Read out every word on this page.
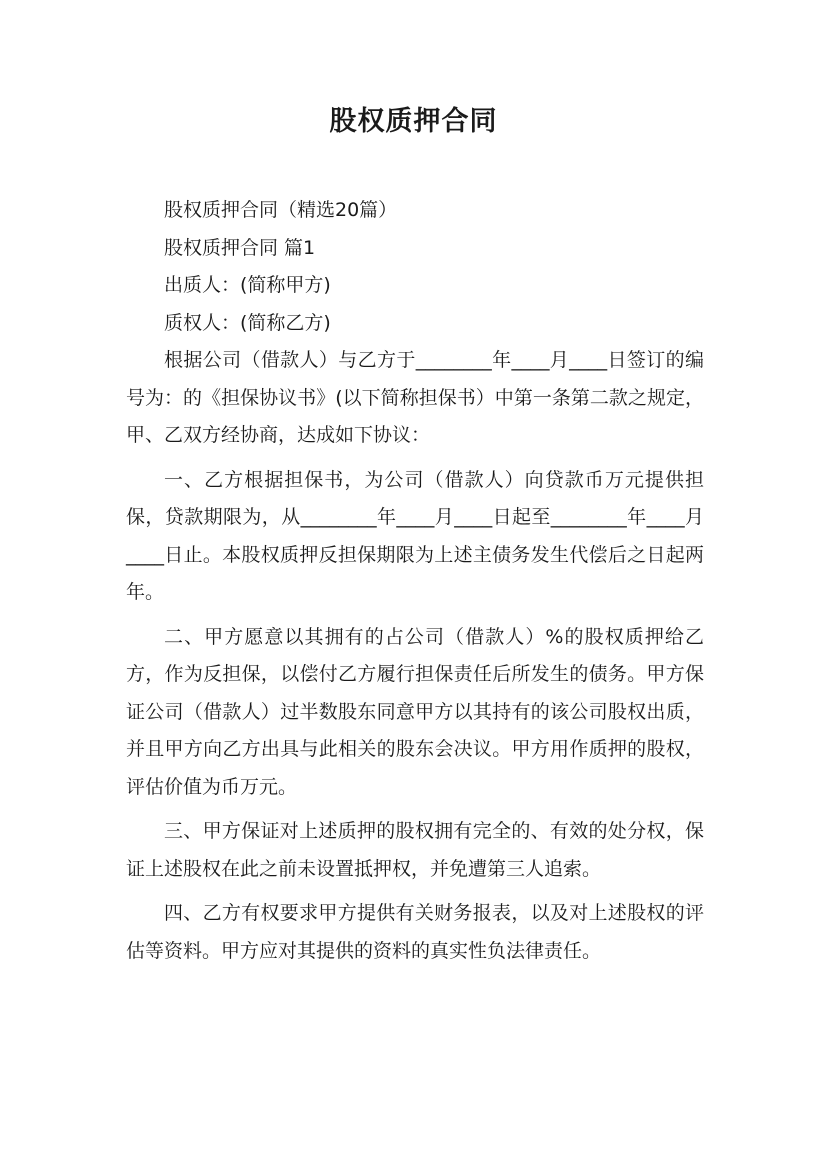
股权质押合同

股权质押合同（精选20篇）

股权质押合同 篇1

出质人：(简称甲方)

质权人：(简称乙方)

根据公司（借款人）与乙方于________年____月____日签订的编号为：的《担保协议书》(以下简称担保书）中第一条第二款之规定，甲、乙双方经协商，达成如下协议：

一、乙方根据担保书，为公司（借款人）向贷款币万元提供担保，贷款期限为，从________年____月____日起至________年____月____日止。本股权质押反担保期限为上述主债务发生代偿后之日起两年。

二、甲方愿意以其拥有的占公司（借款人）%的股权质押给乙方，作为反担保，以偿付乙方履行担保责任后所发生的债务。甲方保证公司（借款人）过半数股东同意甲方以其持有的该公司股权出质，并且甲方向乙方出具与此相关的股东会决议。甲方用作质押的股权，评估价值为币万元。

三、甲方保证对上述质押的股权拥有完全的、有效的处分权，保证上述股权在此之前未设置抵押权，并免遭第三人追索。

四、乙方有权要求甲方提供有关财务报表，以及对上述股权的评估等资料。甲方应对其提供的资料的真实性负法律责任。
